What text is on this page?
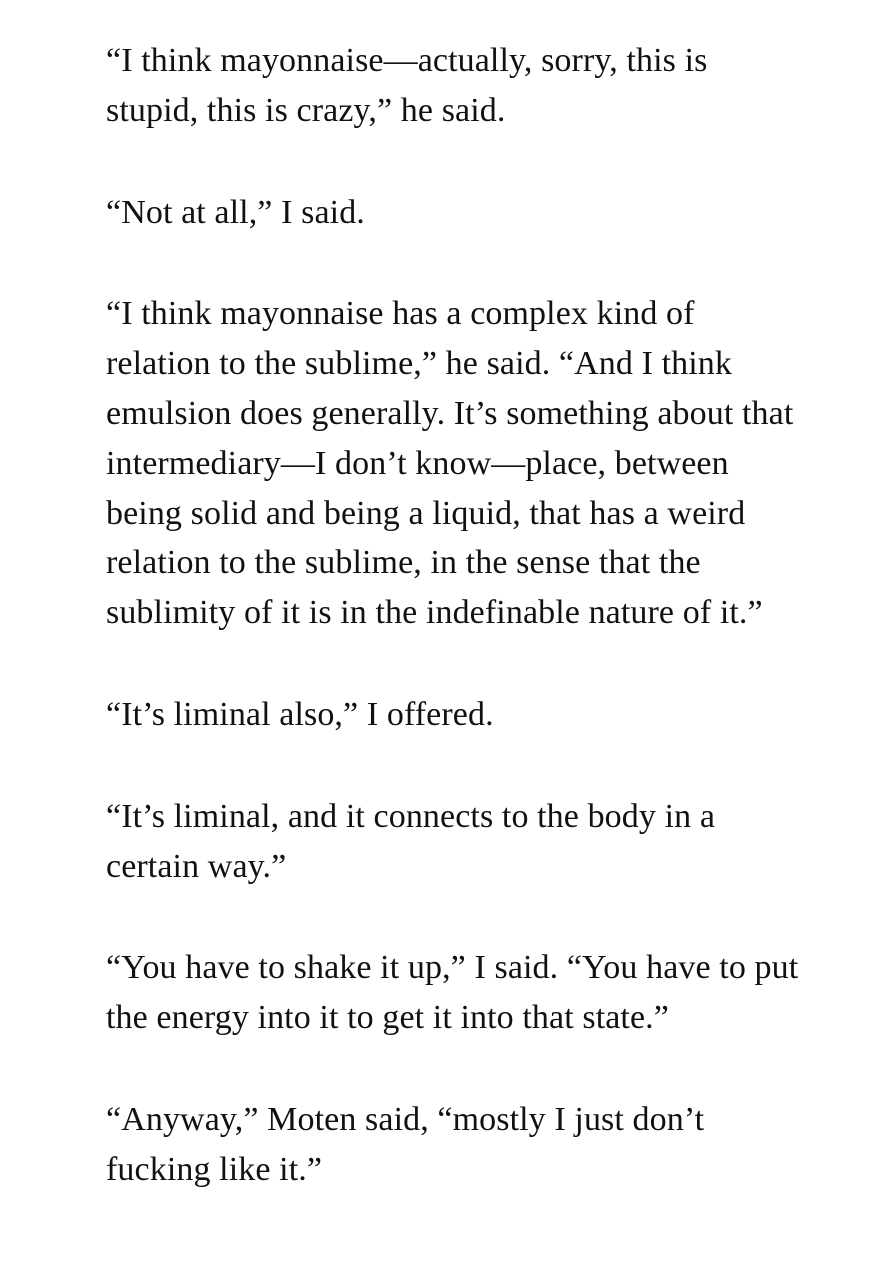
“I think mayonnaise—actually, sorry, this is stupid, this is crazy,” he said.

“Not at all,” I said.

“I think mayonnaise has a complex kind of relation to the sublime,” he said. “And I think emulsion does generally. It’s something about that intermediary—I don’t know—place, between being solid and being a liquid, that has a weird relation to the sublime, in the sense that the sublimity of it is in the indefinable nature of it.”

“It’s liminal also,” I offered.

“It’s liminal, and it connects to the body in a certain way.”

“You have to shake it up,” I said. “You have to put the energy into it to get it into that state.”

“Anyway,” Moten said, “mostly I just don’t fucking like it.”
